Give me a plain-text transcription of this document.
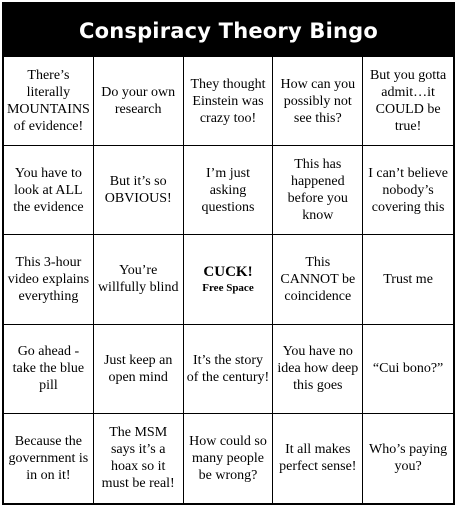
Conspiracy Theory Bingo
There’s literally MOUNTAINS of evidence!
Do your own research
They thought Einstein was crazy too!
How can you possibly not see this?
But you gotta admit…it COULD be true!
You have to look at ALL the evidence
But it’s so OBVIOUS!
I’m just asking questions
This has happened before you know
I can’t believe nobody’s covering this
This 3-hour video explains everything
You’re willfully blind
CUCK!
Free Space
This CANNOT be coincidence
Trust me
Go ahead - take the blue pill
Just keep an open mind
It’s the story of the century!
You have no idea how deep this goes
“Cui bono?”
Because the government is in on it!
The MSM says it’s a hoax so it must be real!
How could so many people be wrong?
It all makes perfect sense!
Who’s paying you?
